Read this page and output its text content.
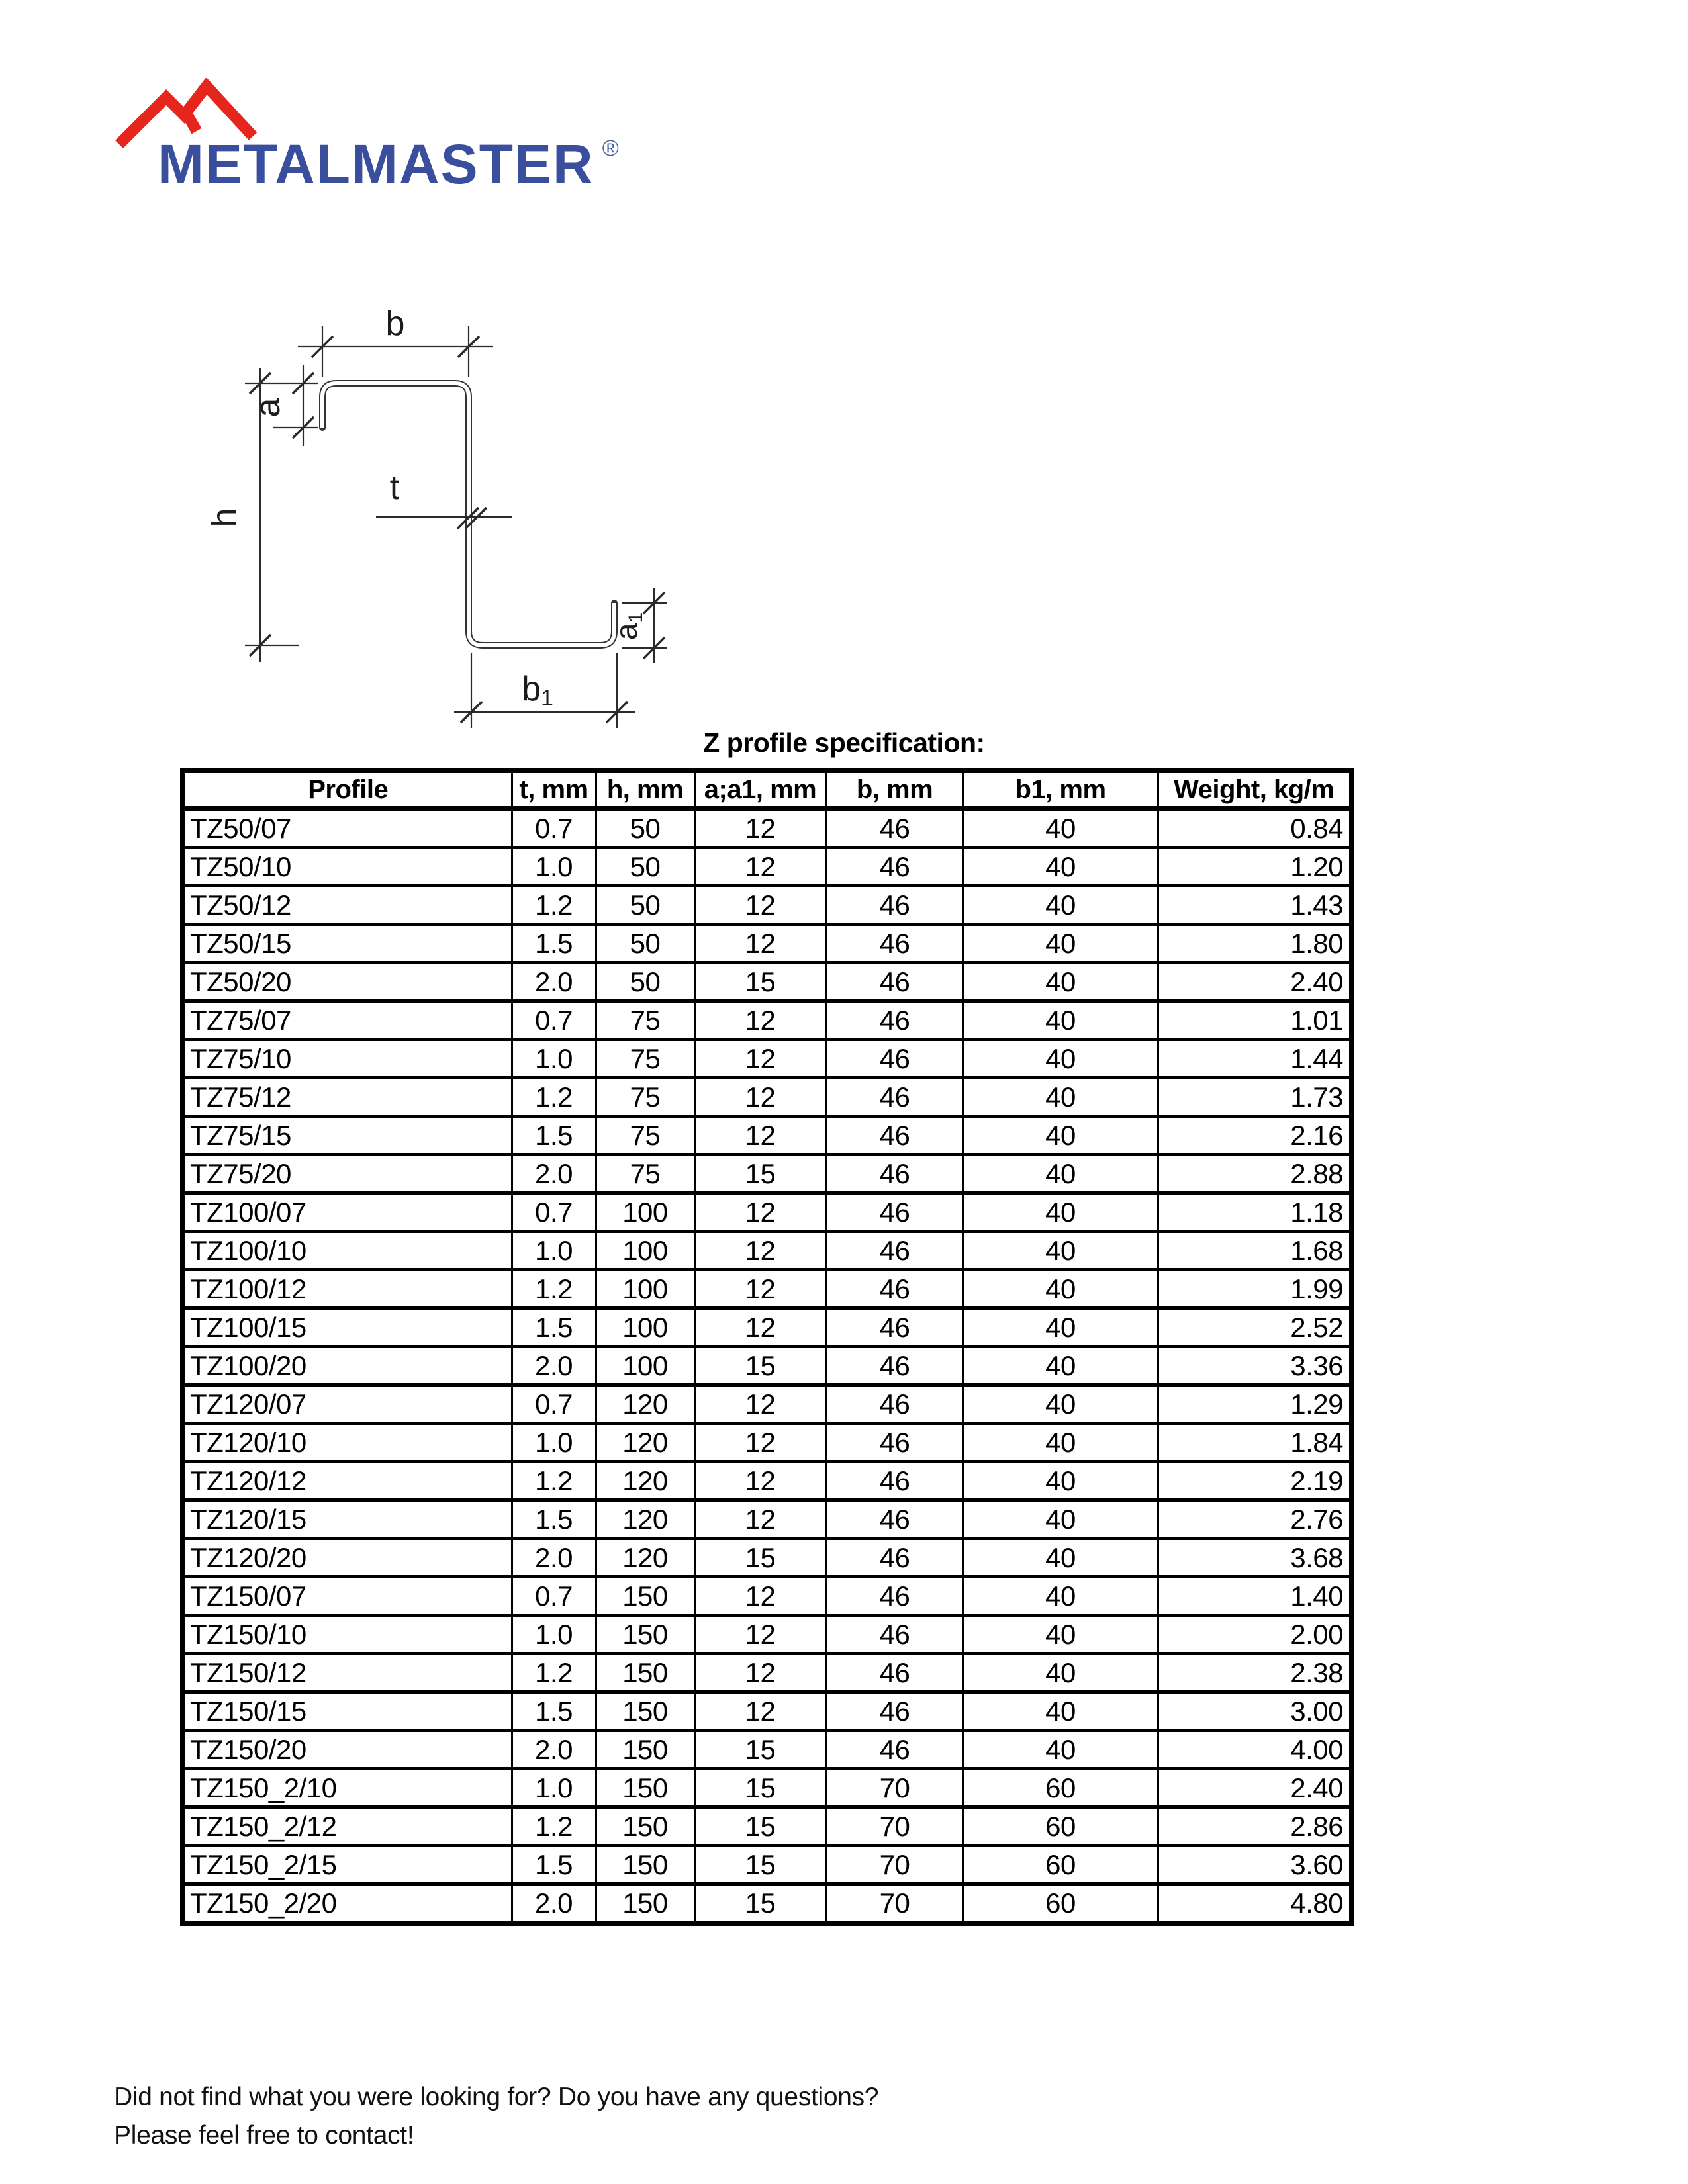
METALMASTER ®
b
a
h
t
a1
b1
Z profile specification:
Profile	t, mm	h, mm	a;a1, mm	b, mm	b1, mm	Weight, kg/m
TZ50/07	0.7	50	12	46	40	0.84
TZ50/10	1.0	50	12	46	40	1.20
TZ50/12	1.2	50	12	46	40	1.43
TZ50/15	1.5	50	12	46	40	1.80
TZ50/20	2.0	50	15	46	40	2.40
TZ75/07	0.7	75	12	46	40	1.01
TZ75/10	1.0	75	12	46	40	1.44
TZ75/12	1.2	75	12	46	40	1.73
TZ75/15	1.5	75	12	46	40	2.16
TZ75/20	2.0	75	15	46	40	2.88
TZ100/07	0.7	100	12	46	40	1.18
TZ100/10	1.0	100	12	46	40	1.68
TZ100/12	1.2	100	12	46	40	1.99
TZ100/15	1.5	100	12	46	40	2.52
TZ100/20	2.0	100	15	46	40	3.36
TZ120/07	0.7	120	12	46	40	1.29
TZ120/10	1.0	120	12	46	40	1.84
TZ120/12	1.2	120	12	46	40	2.19
TZ120/15	1.5	120	12	46	40	2.76
TZ120/20	2.0	120	15	46	40	3.68
TZ150/07	0.7	150	12	46	40	1.40
TZ150/10	1.0	150	12	46	40	2.00
TZ150/12	1.2	150	12	46	40	2.38
TZ150/15	1.5	150	12	46	40	3.00
TZ150/20	2.0	150	15	46	40	4.00
TZ150_2/10	1.0	150	15	70	60	2.40
TZ150_2/12	1.2	150	15	70	60	2.86
TZ150_2/15	1.5	150	15	70	60	3.60
TZ150_2/20	2.0	150	15	70	60	4.80

Did not find what you were looking for? Do you have any questions?

Please feel free to contact!
